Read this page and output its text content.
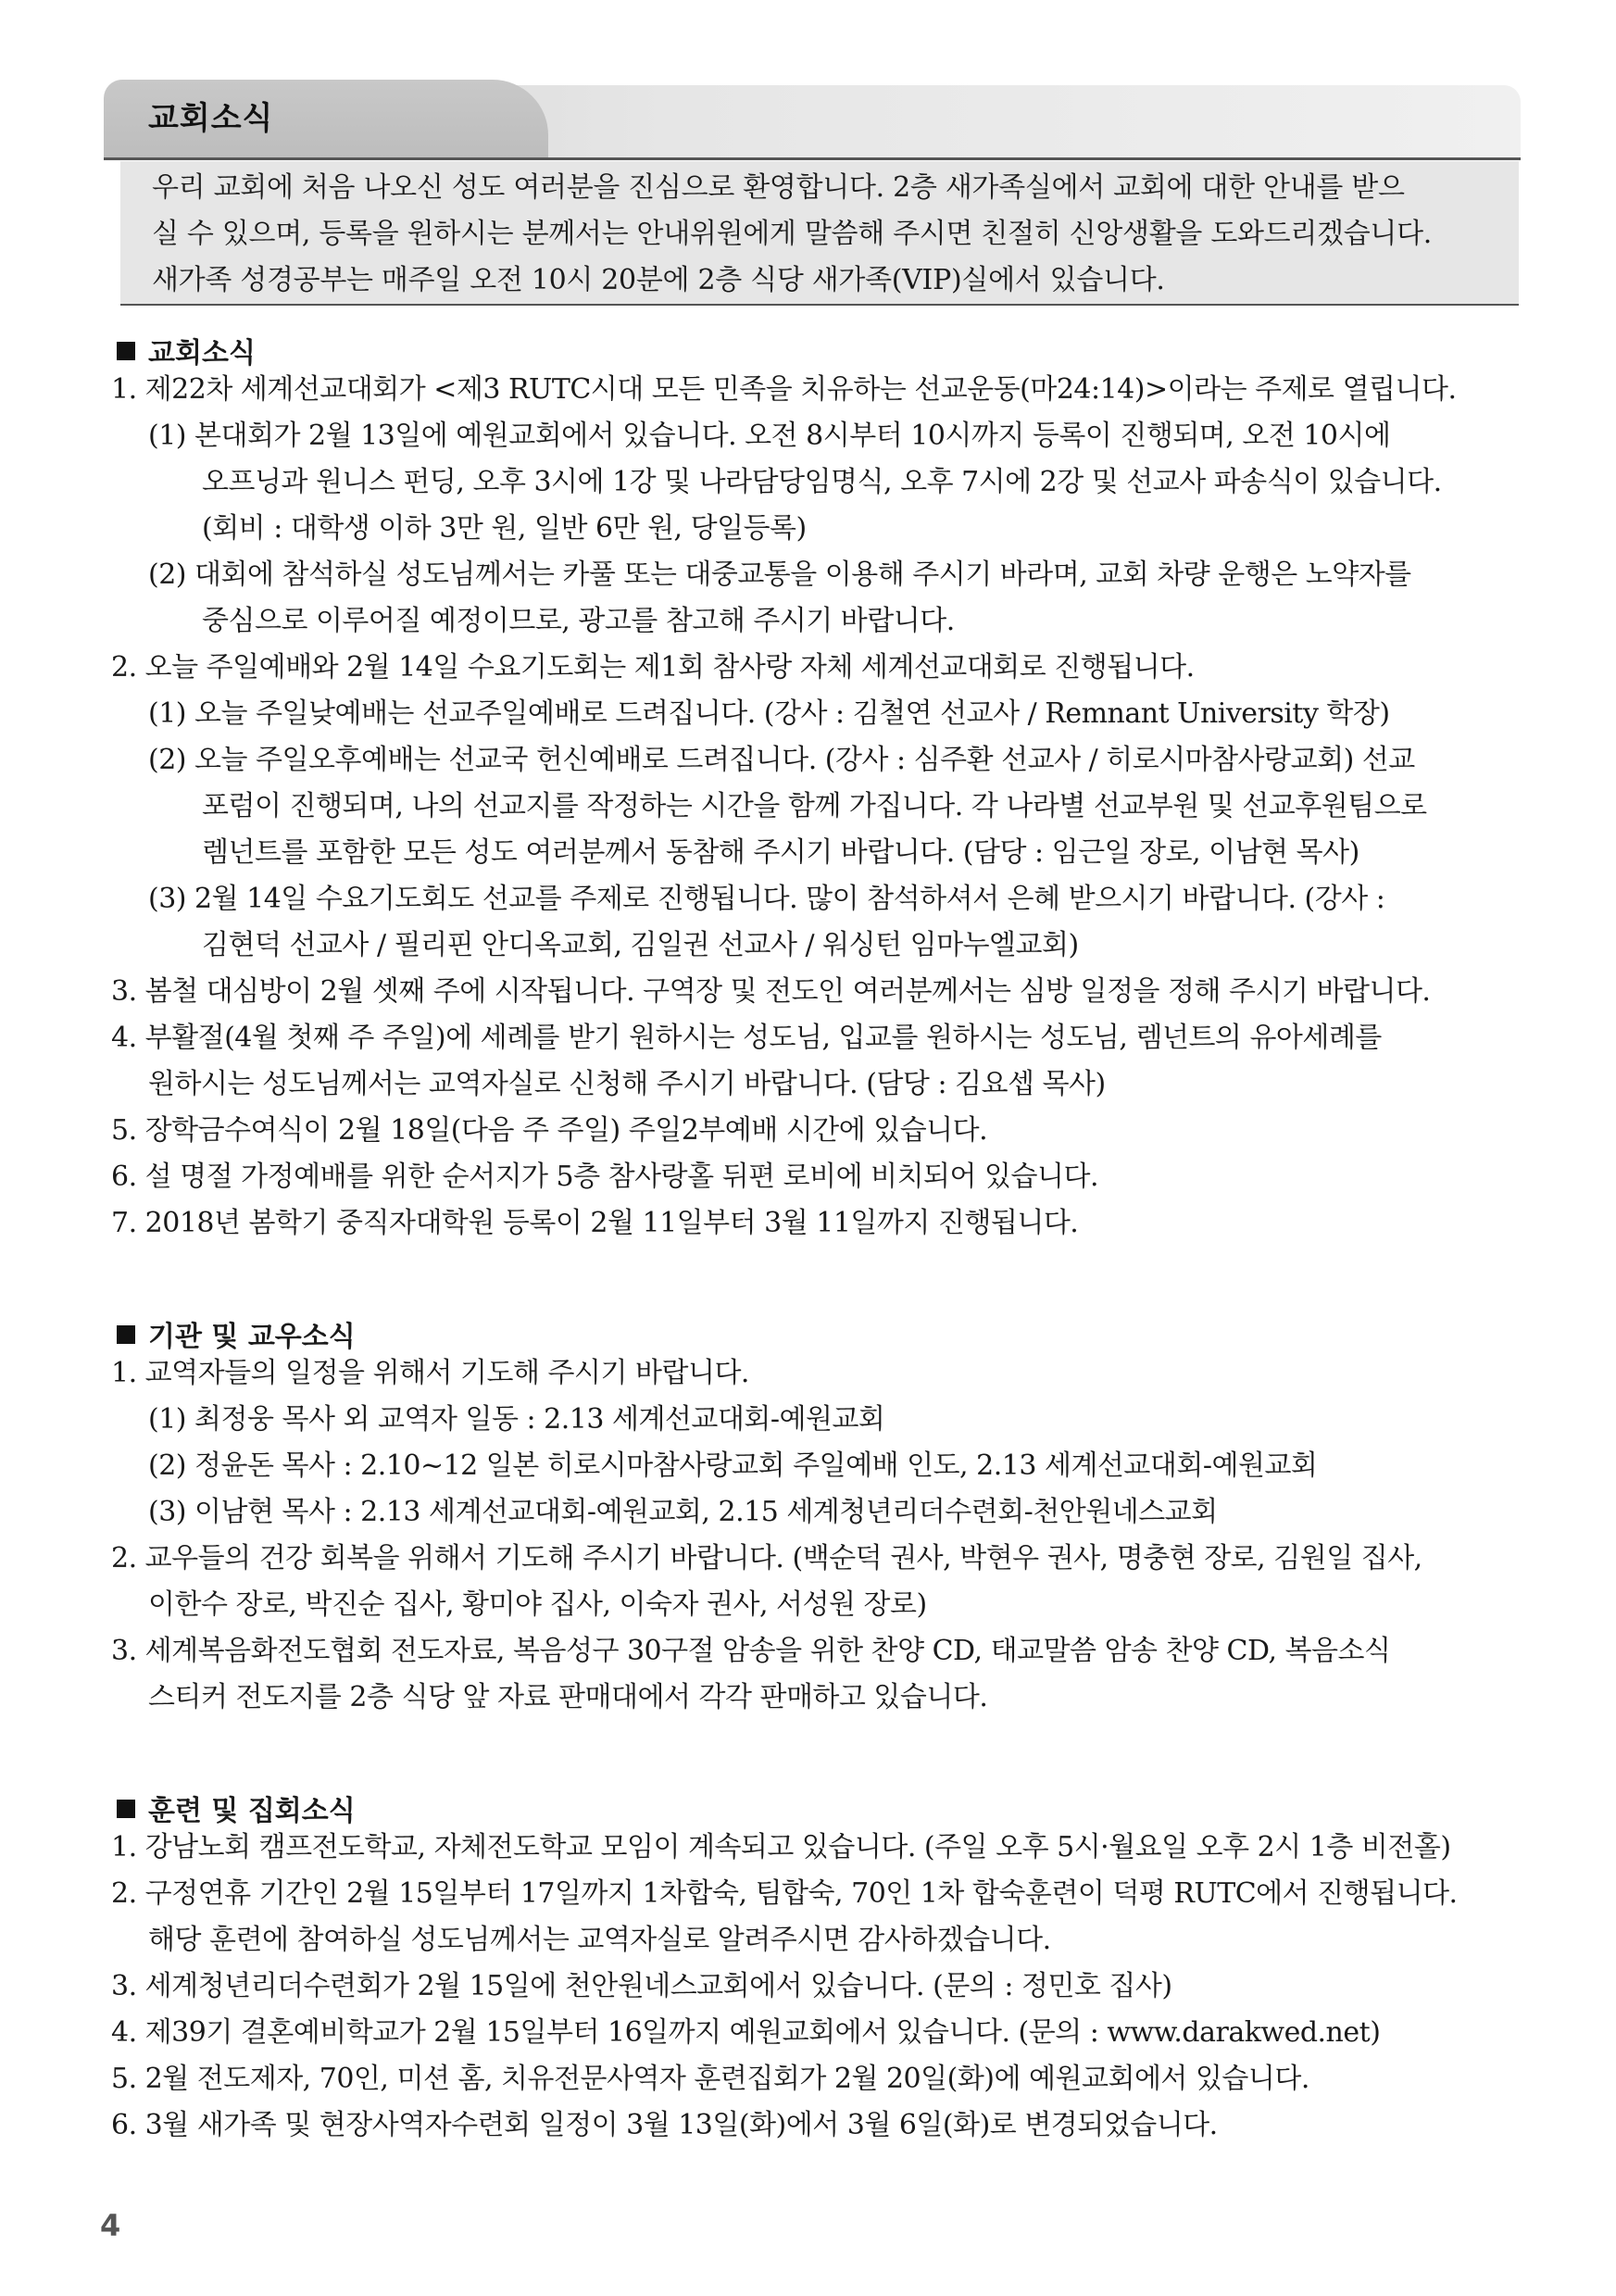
교회소식

우리 교회에 처음 나오신 성도 여러분을 진심으로 환영합니다. 2층 새가족실에서 교회에 대한 안내를 받으

실 수 있으며, 등록을 원하시는 분께서는 안내위원에게 말씀해 주시면 친절히 신앙생활을 도와드리겠습니다.

새가족 성경공부는 매주일 오전 10시 20분에 2층 식당 새가족(VIP)실에서 있습니다.

교회소식
1. 제22차 세계선교대회가 <제3 RUTC시대 모든 민족을 치유하는 선교운동(마24:14)>이라는 주제로 열립니다.
(1) 본대회가 2월 13일에 예원교회에서 있습니다. 오전 8시부터 10시까지 등록이 진행되며, 오전 10시에
오프닝과 원니스 펀딩, 오후 3시에 1강 및 나라담당임명식, 오후 7시에 2강 및 선교사 파송식이 있습니다.
(회비 : 대학생 이하 3만 원, 일반 6만 원, 당일등록)
(2) 대회에 참석하실 성도님께서는 카풀 또는 대중교통을 이용해 주시기 바라며, 교회 차량 운행은 노약자를
중심으로 이루어질 예정이므로, 광고를 참고해 주시기 바랍니다.
2. 오늘 주일예배와 2월 14일 수요기도회는 제1회 참사랑 자체 세계선교대회로 진행됩니다.
(1) 오늘 주일낮예배는 선교주일예배로 드려집니다. (강사 : 김철연 선교사 / Remnant University 학장)
(2) 오늘 주일오후예배는 선교국 헌신예배로 드려집니다. (강사 : 심주환 선교사 / 히로시마참사랑교회) 선교
포럼이 진행되며, 나의 선교지를 작정하는 시간을 함께 가집니다. 각 나라별 선교부원 및 선교후원팀으로
렘넌트를 포함한 모든 성도 여러분께서 동참해 주시기 바랍니다. (담당 : 임근일 장로, 이남현 목사)
(3) 2월 14일 수요기도회도 선교를 주제로 진행됩니다. 많이 참석하셔서 은혜 받으시기 바랍니다. (강사 :
김현덕 선교사 / 필리핀 안디옥교회, 김일권 선교사 / 워싱턴 임마누엘교회)
3. 봄철 대심방이 2월 셋째 주에 시작됩니다. 구역장 및 전도인 여러분께서는 심방 일정을 정해 주시기 바랍니다.
4. 부활절(4월 첫째 주 주일)에 세례를 받기 원하시는 성도님, 입교를 원하시는 성도님, 렘넌트의 유아세례를
원하시는 성도님께서는 교역자실로 신청해 주시기 바랍니다. (담당 : 김요셉 목사)
5. 장학금수여식이 2월 18일(다음 주 주일) 주일2부예배 시간에 있습니다.
6. 설 명절 가정예배를 위한 순서지가 5층 참사랑홀 뒤편 로비에 비치되어 있습니다.
7. 2018년 봄학기 중직자대학원 등록이 2월 11일부터 3월 11일까지 진행됩니다.
기관 및 교우소식
1. 교역자들의 일정을 위해서 기도해 주시기 바랍니다.
(1) 최정웅 목사 외 교역자 일동 : 2.13 세계선교대회-예원교회
(2) 정윤돈 목사 : 2.10~12 일본 히로시마참사랑교회 주일예배 인도, 2.13 세계선교대회-예원교회
(3) 이남현 목사 : 2.13 세계선교대회-예원교회, 2.15 세계청년리더수련회-천안원네스교회
2. 교우들의 건강 회복을 위해서 기도해 주시기 바랍니다. (백순덕 권사, 박현우 권사, 명충현 장로, 김원일 집사,
이한수 장로, 박진순 집사, 황미야 집사, 이숙자 권사, 서성원 장로)
3. 세계복음화전도협회 전도자료, 복음성구 30구절 암송을 위한 찬양 CD, 태교말씀 암송 찬양 CD, 복음소식
스티커 전도지를 2층 식당 앞 자료 판매대에서 각각 판매하고 있습니다.
훈련 및 집회소식
1. 강남노회 캠프전도학교, 자체전도학교 모임이 계속되고 있습니다. (주일 오후 5시·월요일 오후 2시 1층 비전홀)
2. 구정연휴 기간인 2월 15일부터 17일까지 1차합숙, 팀합숙, 70인 1차 합숙훈련이 덕평 RUTC에서 진행됩니다.
해당 훈련에 참여하실 성도님께서는 교역자실로 알려주시면 감사하겠습니다.
3. 세계청년리더수련회가 2월 15일에 천안원네스교회에서 있습니다. (문의 : 정민호 집사)
4. 제39기 결혼예비학교가 2월 15일부터 16일까지 예원교회에서 있습니다. (문의 : www.darakwed.net)
5. 2월 전도제자, 70인, 미션 홈, 치유전문사역자 훈련집회가 2월 20일(화)에 예원교회에서 있습니다.
6. 3월 새가족 및 현장사역자수련회 일정이 3월 13일(화)에서 3월 6일(화)로 변경되었습니다.
4
